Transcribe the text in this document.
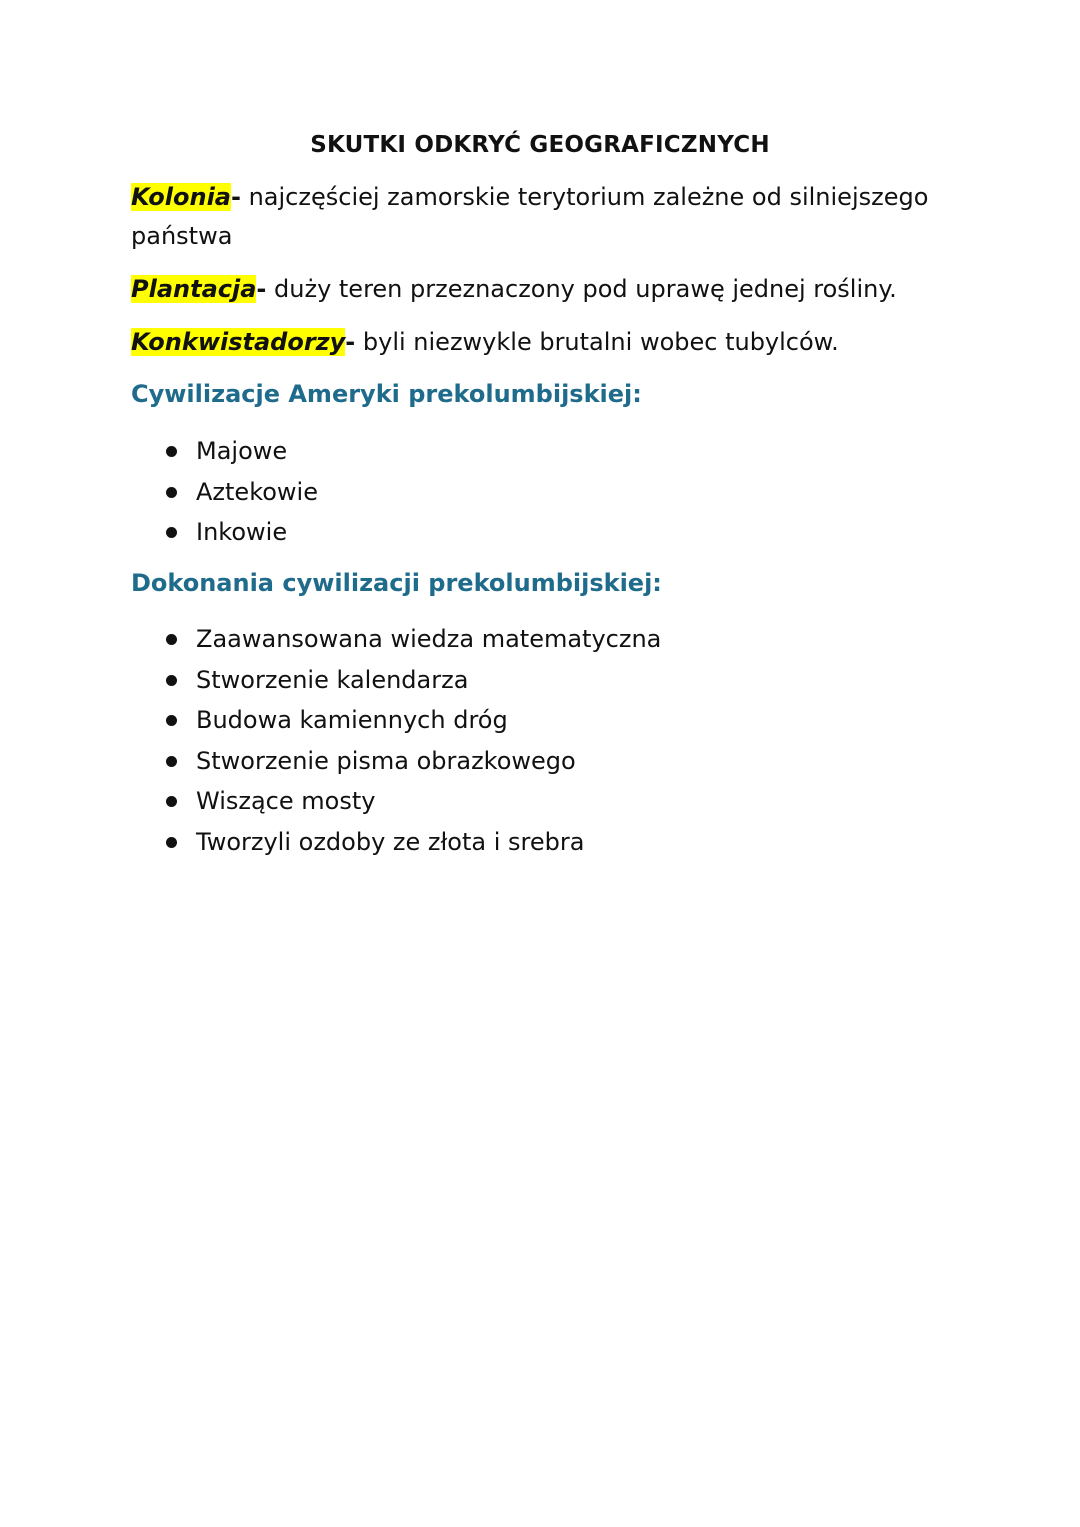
SKUTKI ODKRYĆ GEOGRAFICZNYCH

Kolonia- najczęściej zamorskie terytorium zależne od silniejszego państwa

Plantacja- duży teren przeznaczony pod uprawę jednej rośliny.

Konkwistadorzy- byli niezwykle brutalni wobec tubylców.

Cywilizacje Ameryki prekolumbijskiej:
Majowe
Aztekowie
Inkowie
Dokonania cywilizacji prekolumbijskiej:
Zaawansowana wiedza matematyczna
Stworzenie kalendarza
Budowa kamiennych dróg
Stworzenie pisma obrazkowego
Wiszące mosty
Tworzyli ozdoby ze złota i srebra
